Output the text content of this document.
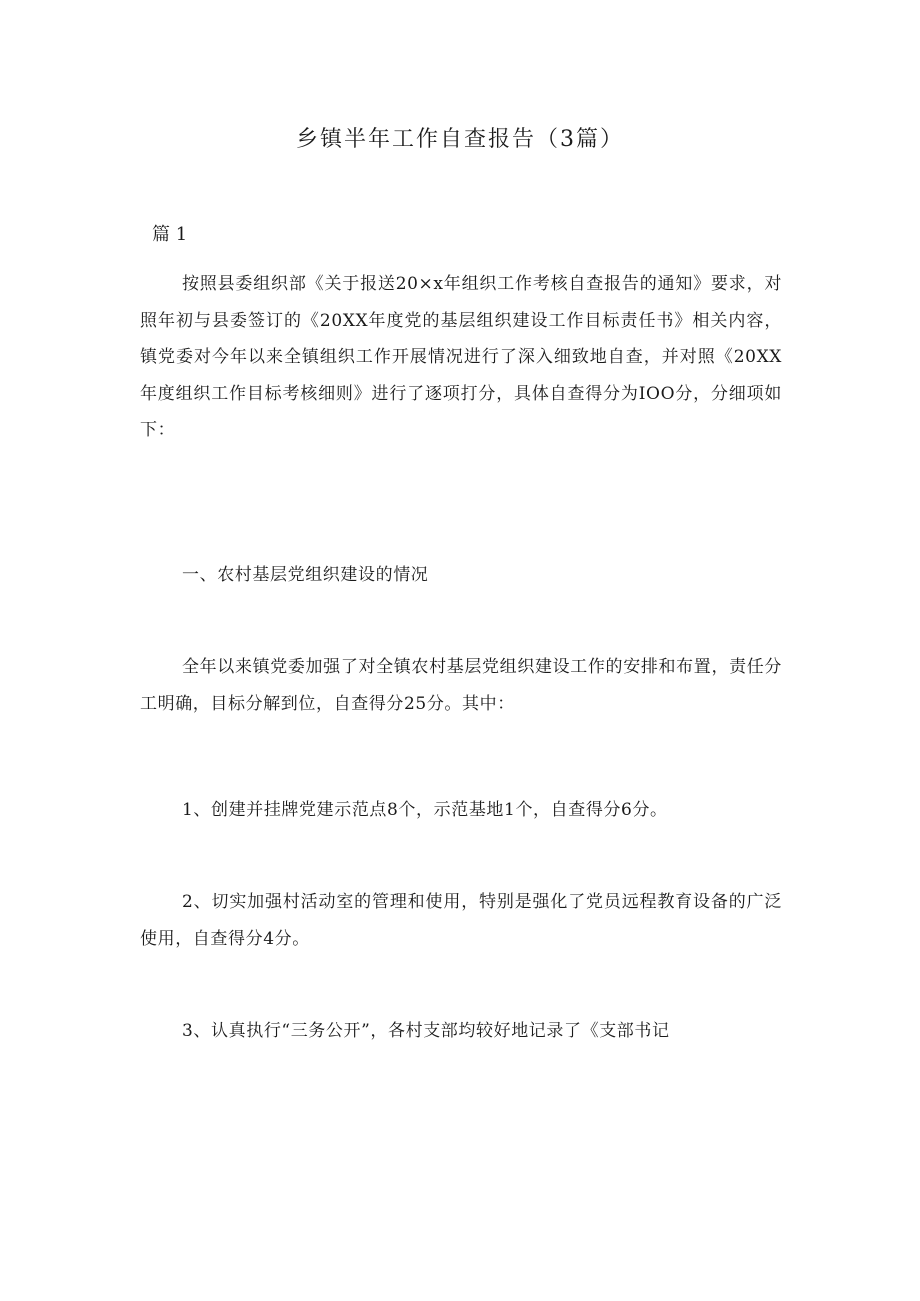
乡镇半年工作自查报告（3篇）
篇 1

按照县委组织部《关于报送20×x年组织工作考核自查报告的通知》要求，对照年初与县委签订的《20XX年度党的基层组织建设工作目标责任书》相关内容，镇党委对今年以来全镇组织工作开展情况进行了深入细致地自查，并对照《20XX年度组织工作目标考核细则》进行了逐项打分，具体自查得分为IOO分，分细项如下：

一、农村基层党组织建设的情况

全年以来镇党委加强了对全镇农村基层党组织建设工作的安排和布置，责任分工明确，目标分解到位，自查得分25分。其中：

1、创建并挂牌党建示范点8个，示范基地1个，自查得分6分。

2、切实加强村活动室的管理和使用，特别是强化了党员远程教育设备的广泛使用，自查得分4分。

3、认真执行“三务公开”，各村支部均较好地记录了《支部书记
